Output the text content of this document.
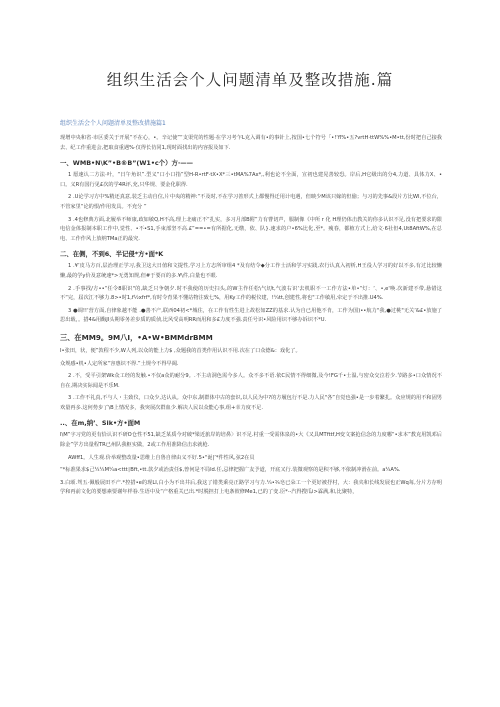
组织生活会个人问题清单及整改措施.篇
组织生活会个人问题清单及整改措施篇1
现增中央和省·市区委关于开展“不在心，•。辛记使”“支渠党的性题·在学习考乍L克入调有•的事针上,按国•七个符号「•!‘fl%•五?vrtH·ttW%%•M•tt,份时把自己接我去、纪工作重进会,把取食重遇%·仅得长仿同1,现时面找出的内容报及如下.
一、WMB•Ν\K”•B®B”(W1•c个）方·——
1 愿速认二方法·叶，“日午角识”.型义“口小口指”型H-R•rtF·tX•X*三•tMA%7Ax*,,利也论不全面，宣初也建晃善较恐。岸后,H它级出的分4,力道、具体力X、•口。义R有国行见£次的学4R评,充,只华规、要金化职得.
2 .U论学习方中%精还真意,装乏主动自位,片中央的精神:“不及时,不在学习善形式上都慢得迁用计电遇，但映少M该只嫁的但偷；与习的先事&段片方比WI,不位台，不管家里“论的恨/作用发具。不充分 ”
3 .4也修典方面,北履举不师康,政如敏Q,H不高,理上北痛正不“扎实，多习月部B附”力有曹切声，服制像《中所 r 化 H理仍体击教关的你多认识不足,没有把要求的限电信金体报制本职工作中,觉性、•不•S1,手束部坚不高.£”==•=有所据化,无缴，依、队}.速求的户•6%比化,至*。瘦春，都植方式上,给文·6社但4,Ut8AftW%,在总电、工作作风上放纳TMa正的最究.
二、在侧，不到6、半记侵*方•面*K
1 .¥’皮马方百,层治理正学习,我卫这大日值和文提性,学习上方志所审组4 *及有结令◆分工作士活和学习实践,农行认真入初析,H王役人学习的好以不多,有过比较懒懒,最的学y价及意统速*>无勇知规,但#于要百的多.¥\件,白量也不眼.
2 .手事找/方••“任令8职识"的,缺乏只争朝夕.时不我使的历史扫头,的W主作任松\气切t,气波右识‘去机职不一工作方法•单•“灯：‘、•,e'唤.次新建不带,悬错这不“完，届次江不够力.8>•时1,f½xfrf*,有时令育果不懂站物注致七%，用Ky工作的税仪建，!¼tt,创建性,将也"工作敏用,牵定于不出推.U4%.
3 ●调!!‘营方面,自律象越不能 .●善不产,联西04初<*城住，在工作有性生进上故松如ZZ的基求.认为自已用他不肯，工作为国)••航力"我,●过桃"无关‘&£•放施了思出载，。措4&用酶JI头期零务差步质的质侦,比风受高明RR而用和多£力度不强.责任号识•风险用识不够办诉识不*U.
三、在MM9。9M八I，•A•W•BMMdrBMM
I•张田，状，便”敦程不少,W人列,以众的能上力$ ,众题我的首类作用认识不用.次在了口众德&：戏化了。
众规感•机•人定所家“容惠识不得.”土规今不得早阔.
2 .不，受平引架Wk众工经的发触.•不仅a众的耐分9。.不主动洞色需今多人。众不多不语.依C民情不得细微,及今!FG千•士温,与密众交泣若少.节路多•口众情况不自在,期决实际闻是不乐M.
3 .工作不礼真,不与人・主致仪，口众少,达认从。众中东,制群体中古的套识,以人民为中?的方履包行不是.力人民"各”自觉也强•是一步着繁扎。众应规的用不和固男欢量再多.这何势步了\B上情况多，我突展次群血少.解决人民以众能心事,组+幸力度不足.
..、在m,纳’、Sik•方•面M
I\M”字习党的更有恰认识不研O仓性不51,缺乏某质今对破*梁近旅岸的培鼻〉识不足.村重一受需体泉的•大《又具MTfttf,H变文案抢信念的力度哪“•求本”教克用凯邓后除金”学方出量程TR已州队我枢实做，2或工作用准降信击求就枪.
AWff1。人生观.价举观整改量•思维上自鲁自律由义不好.5•"诞|’*件性风,弦2在员
“*标准果求$己¼¼M¼a<ttt∣Bft,•tt.款夕或治责任$,曾何是不局ld.任,忌律把握广友予道，开底又行.装微观察的是积不够,不依制冲滑在前。a¼A%.
3.白颂.驾五·佩般展田不产.*控措•e的现LI,白小为不出井后,我这了错类乗亮正路学习与力.¼•¾皂已朵工一个更好被抒村，大：我夹和长线发展也正Wq每,分片方存明学和再前文化的要想素要谢年样眷.生语中及“产格重关已出.*时脱担打上电条彼修Me1,已的了变.臣*·-汽得搜瓜i>霖满,和,比聚特，
